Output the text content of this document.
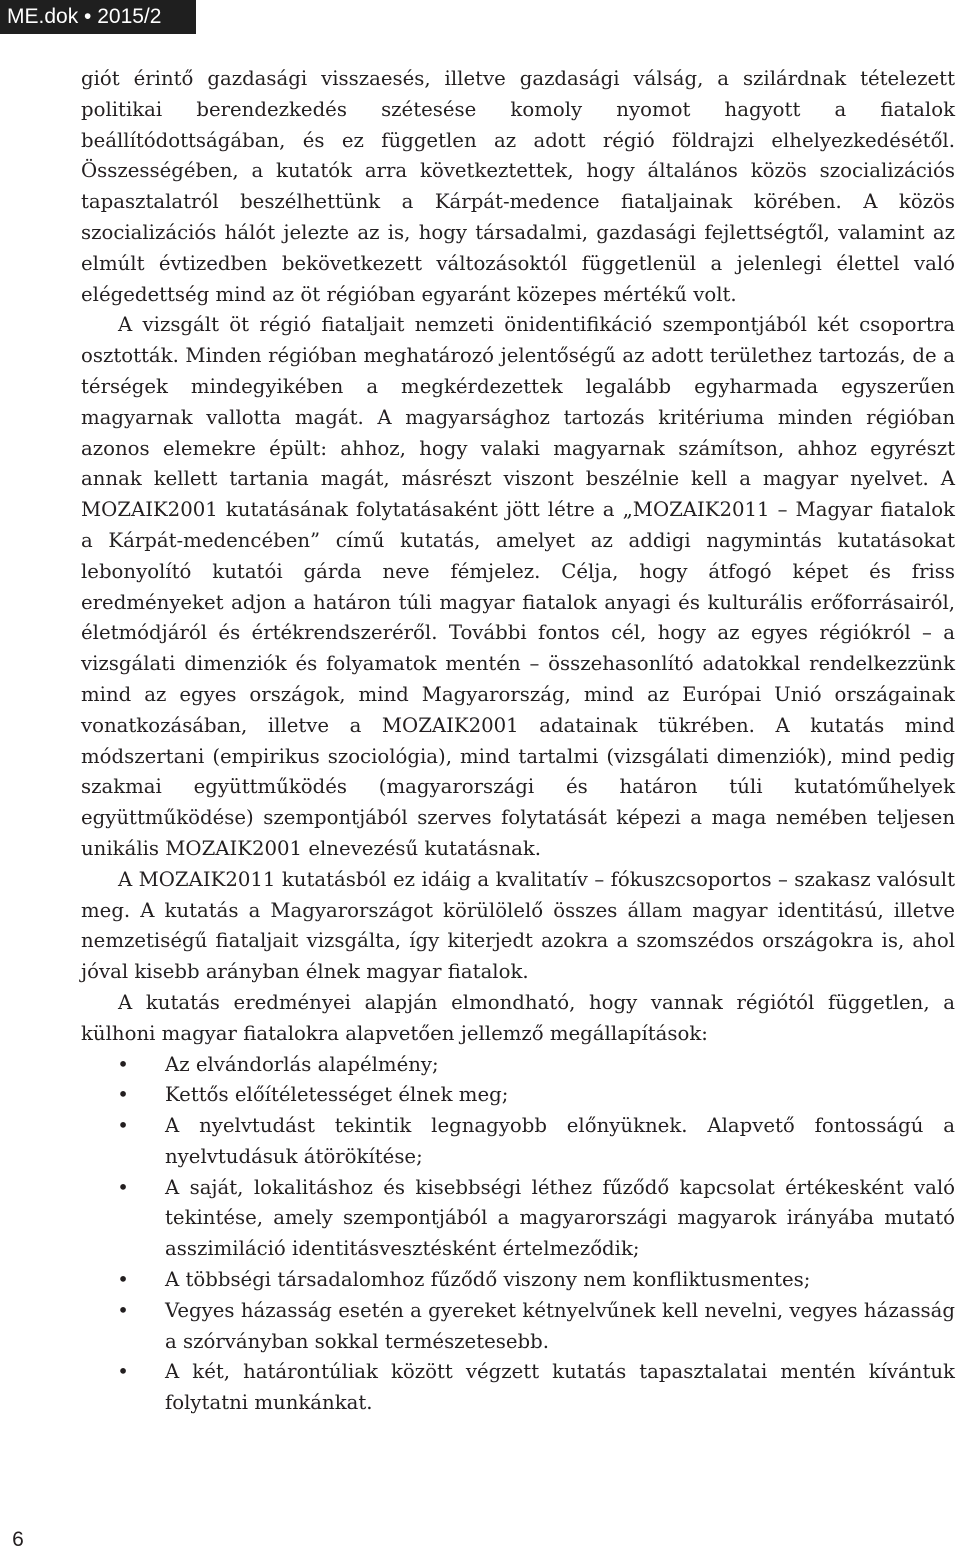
ME.dok • 2015/2

giót érintő gazdasági visszaesés, illetve gazdasági válság, a szilárdnak tételezett politikai berendezkedés szétesése komoly nyomot hagyott a fiatalok beállítódottságában, és ez független az adott régió földrajzi elhelyezkedésétől. Összességében, a kutatók arra következtettek, hogy általános közös szocializációs tapasztalatról beszélhettünk a Kárpát-medence fiataljainak körében. A közös szocializációs hálót jelezte az is, hogy társadalmi, gazdasági fejlettségtől, valamint az elmúlt évtizedben bekövetkezett változásoktól függetlenül a jelenlegi élettel való elégedettség mind az öt régióban egyaránt közepes mértékű volt.

A vizsgált öt régió fiataljait nemzeti önidentifikáció szempontjából két csoportra osztották. Minden régióban meghatározó jelentőségű az adott területhez tartozás, de a térségek mindegyikében a megkérdezettek legalább egyharmada egyszerűen magyarnak vallotta magát. A magyarsághoz tartozás kritériuma minden régióban azonos elemekre épült: ahhoz, hogy valaki magyarnak számítson, ahhoz egyrészt annak kellett tartania magát, másrészt viszont beszélnie kell a magyar nyelvet. A MOZAIK2001 kutatásának folytatásaként jött létre a „MOZAIK2011 – Magyar fiatalok a Kárpát-medencében” című kutatás, amelyet az addigi nagymintás kutatásokat lebonyolító kutatói gárda neve fémjelez. Célja, hogy átfogó képet és friss eredményeket adjon a határon túli magyar fiatalok anyagi és kulturális erőforrásairól, életmódjáról és értékrendszeréről. További fontos cél, hogy az egyes régiókról – a vizsgálati dimenziók és folyamatok mentén – összehasonlító adatokkal rendelkezzünk mind az egyes országok, mind Magyarország, mind az Európai Unió országainak vonatkozásában, illetve a MOZAIK2001 adatainak tükrében. A kutatás mind módszertani (empirikus szociológia), mind tartalmi (vizsgálati dimenziók), mind pedig szakmai együttműködés (magyarországi és határon túli kutatóműhelyek együttműködése) szempontjából szerves folytatását képezi a maga nemében teljesen unikális MOZAIK2001 elnevezésű kutatásnak.

A MOZAIK2011 kutatásból ez idáig a kvalitatív – fókuszcsoportos – szakasz valósult meg. A kutatás a Magyarországot körülölelő összes állam magyar identitású, illetve nemzetiségű fiataljait vizsgálta, így kiterjedt azokra a szomszédos országokra is, ahol jóval kisebb arányban élnek magyar fiatalok.

A kutatás eredményei alapján elmondható, hogy vannak régiótól független, a külhoni magyar fiatalokra alapvetően jellemző megállapítások:

• Az elvándorlás alapélmény;
• Kettős előítéletességet élnek meg;
• A nyelvtudást tekintik legnagyobb előnyüknek. Alapvető fontosságú a nyelvtudásuk átörökítése;
• A saját, lokalitáshoz és kisebbségi léthez fűződő kapcsolat értékesként való tekintése, amely szempontjából a magyarországi magyarok irányába mutató asszimiláció identitásvesztésként értelmeződik;
• A többségi társadalomhoz fűződő viszony nem konfliktusmentes;
• Vegyes házasság esetén a gyereket kétnyelvűnek kell nevelni, vegyes házasság a szórványban sokkal természetesebb.
• A két, határontúliak között végzett kutatás tapasztalatai mentén kívántuk folytatni munkánkat.
6
